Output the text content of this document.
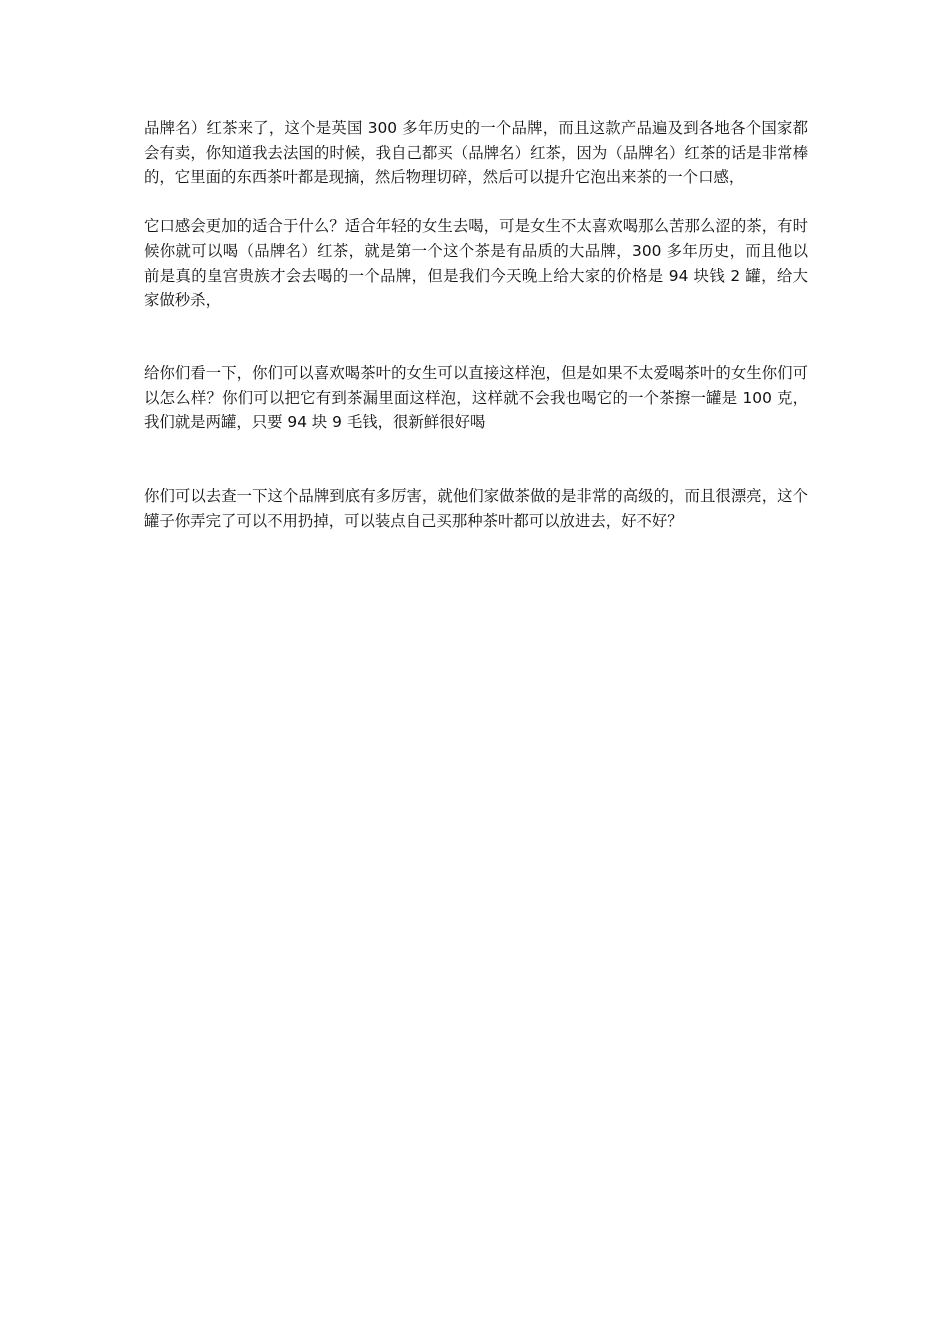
品牌名）红茶来了，这个是英国 300 多年历史的一个品牌，而且这款产品遍及到各地各个国家都会有卖，你知道我去法国的时候，我自己都买（品牌名）红茶，因为（品牌名）红茶的话是非常棒的，它里面的东西茶叶都是现摘，然后物理切碎，然后可以提升它泡出来茶的一个口感，

它口感会更加的适合于什么？适合年轻的女生去喝，可是女生不太喜欢喝那么苦那么涩的茶，有时候你就可以喝（品牌名）红茶，就是第一个这个茶是有品质的大品牌，300 多年历史，而且他以前是真的皇宫贵族才会去喝的一个品牌，但是我们今天晚上给大家的价格是 94 块钱 2 罐，给大家做秒杀，

给你们看一下，你们可以喜欢喝茶叶的女生可以直接这样泡，但是如果不太爱喝茶叶的女生你们可以怎么样？你们可以把它有到茶漏里面这样泡，这样就不会我也喝它的一个茶擦一罐是 100 克，我们就是两罐，只要 94 块 9 毛钱，很新鲜很好喝

你们可以去查一下这个品牌到底有多厉害，就他们家做茶做的是非常的高级的，而且很漂亮，这个罐子你弄完了可以不用扔掉，可以装点自己买那种茶叶都可以放进去，好不好？
